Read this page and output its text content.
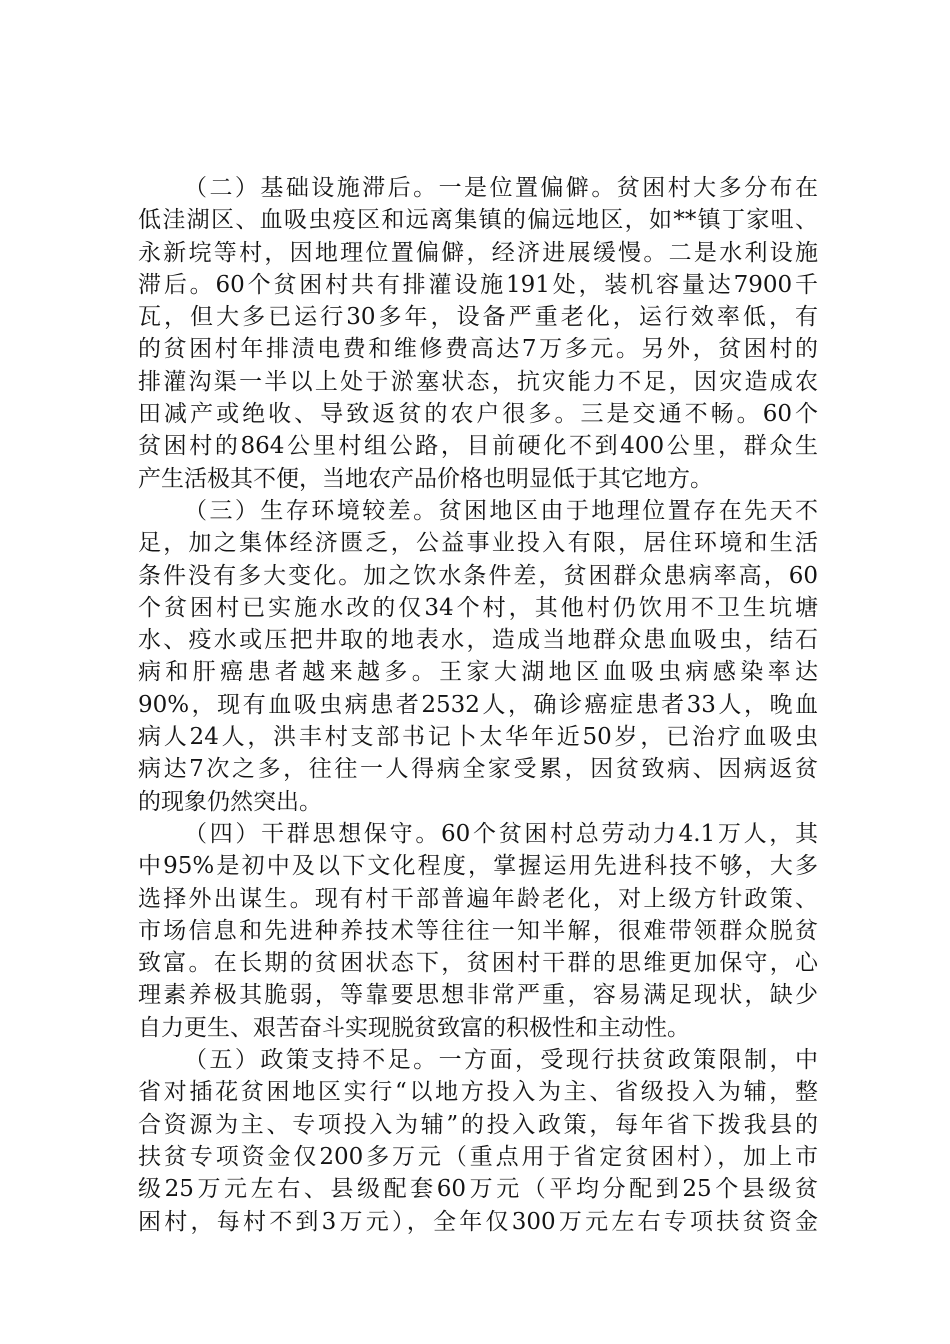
（二）基础设施滞后。一是位置偏僻。贫困村大多分布在
低洼湖区、血吸虫疫区和远离集镇的偏远地区，如**镇丁家咀、
永新垸等村，因地理位置偏僻，经济进展缓慢。二是水利设施
滞后。60个贫困村共有排灌设施191处，装机容量达7900千
瓦，但大多已运行30多年，设备严重老化，运行效率低，有
的贫困村年排渍电费和维修费高达7万多元。另外，贫困村的
排灌沟渠一半以上处于淤塞状态，抗灾能力不足，因灾造成农
田减产或绝收、导致返贫的农户很多。三是交通不畅。60个
贫困村的864公里村组公路，目前硬化不到400公里，群众生
产生活极其不便，当地农产品价格也明显低于其它地方。
（三）生存环境较差。贫困地区由于地理位置存在先天不
足，加之集体经济匮乏，公益事业投入有限，居住环境和生活
条件没有多大变化。加之饮水条件差，贫困群众患病率高，60
个贫困村已实施水改的仅34个村，其他村仍饮用不卫生坑塘
水、疫水或压把井取的地表水，造成当地群众患血吸虫，结石
病和肝癌患者越来越多。王家大湖地区血吸虫病感染率达
90%，现有血吸虫病患者2532人，确诊癌症患者33人，晚血
病人24人，洪丰村支部书记卜太华年近50岁，已治疗血吸虫
病达7次之多，往往一人得病全家受累，因贫致病、因病返贫
的现象仍然突出。
（四）干群思想保守。60个贫困村总劳动力4.1万人，其
中95%是初中及以下文化程度，掌握运用先进科技不够，大多
选择外出谋生。现有村干部普遍年龄老化，对上级方针政策、
市场信息和先进种养技术等往往一知半解，很难带领群众脱贫
致富。在长期的贫困状态下，贫困村干群的思维更加保守，心
理素养极其脆弱，等靠要思想非常严重，容易满足现状，缺少
自力更生、艰苦奋斗实现脱贫致富的积极性和主动性。
（五）政策支持不足。一方面，受现行扶贫政策限制，中
省对插花贫困地区实行“以地方投入为主、省级投入为辅，整
合资源为主、专项投入为辅”的投入政策，每年省下拨我县的
扶贫专项资金仅200多万元（重点用于省定贫困村），加上市
级25万元左右、县级配套60万元（平均分配到25个县级贫
困村，每村不到3万元），全年仅300万元左右专项扶贫资金
